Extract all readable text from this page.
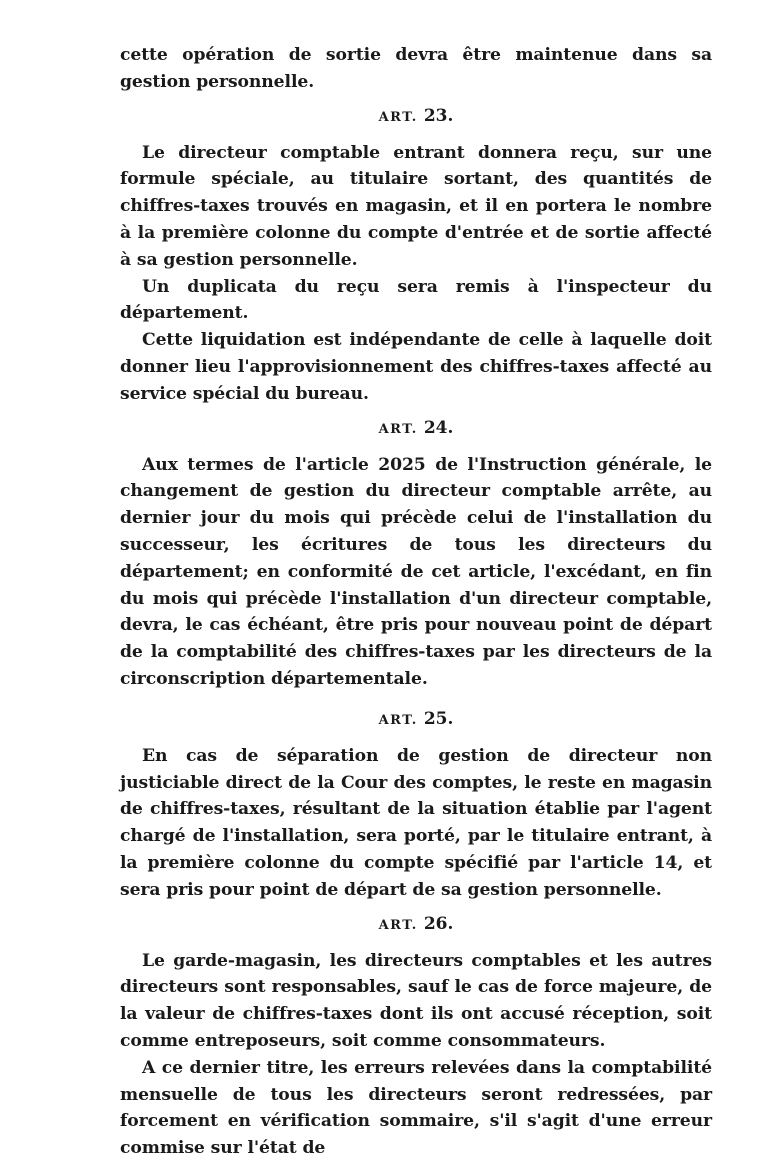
cette opération de sortie devra être maintenue dans sa gestion personnelle.

ART. 23.

Le directeur comptable entrant donnera reçu, sur une formule spéciale, au titulaire sortant, des quantités de chiffres-taxes trouvés en magasin, et il en portera le nombre à la première colonne du compte d'entrée et de sortie affecté à sa gestion personnelle.

Un duplicata du reçu sera remis à l'inspecteur du département.

Cette liquidation est indépendante de celle à laquelle doit donner lieu l'approvisionnement des chiffres-taxes affecté au service spécial du bureau.

ART. 24.

Aux termes de l'article 2025 de l'Instruction générale, le changement de gestion du directeur comptable arrête, au dernier jour du mois qui précède celui de l'installation du successeur, les écritures de tous les directeurs du département; en conformité de cet article, l'excédant, en fin du mois qui précède l'installation d'un directeur comptable, devra, le cas échéant, être pris pour nouveau point de départ de la comptabilité des chiffres-taxes par les directeurs de la circonscription départementale.

ART. 25.

En cas de séparation de gestion de directeur non justiciable direct de la Cour des comptes, le reste en magasin de chiffres-taxes, résultant de la situation établie par l'agent chargé de l'installation, sera porté, par le titulaire entrant, à la première colonne du compte spécifié par l'article 14, et sera pris pour point de départ de sa gestion personnelle.

ART. 26.

Le garde-magasin, les directeurs comptables et les autres directeurs sont responsables, sauf le cas de force majeure, de la valeur de chiffres-taxes dont ils ont accusé réception, soit comme entreposeurs, soit comme consommateurs.

A ce dernier titre, les erreurs relevées dans la comptabilité mensuelle de tous les directeurs seront redressées, par forcement en vérification sommaire, s'il s'agit d'une erreur commise sur l'état de
